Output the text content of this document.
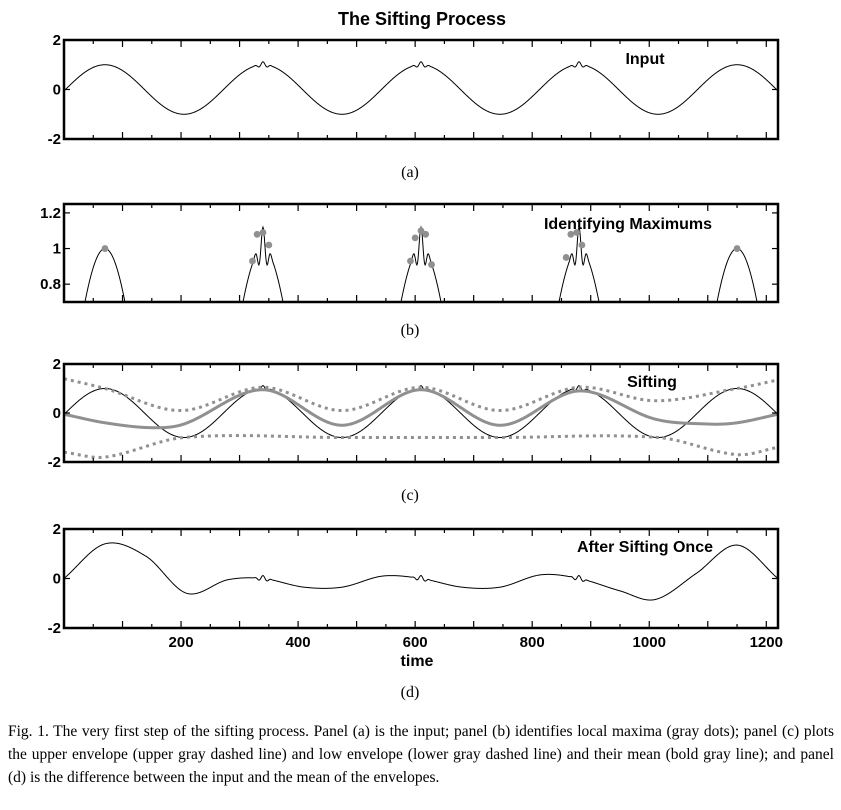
The Sifting Process
2
0
-2
Input
(a)
1.2
1
0.8
Identifying Maximums
(b)
2
0
-2
Sifting
(c)
2
0
-2
200	400	600	800	1000	1200
time
After Sifting Once
(d)
Fig. 1. The very first step of the sifting process. Panel (a) is the input; panel (b) identifies local maxima (gray dots); panel (c) plots the upper envelope (upper gray dashed line) and low envelope (lower gray dashed line) and their mean (bold gray line); and panel (d) is the difference between the input and the mean of the envelopes.
